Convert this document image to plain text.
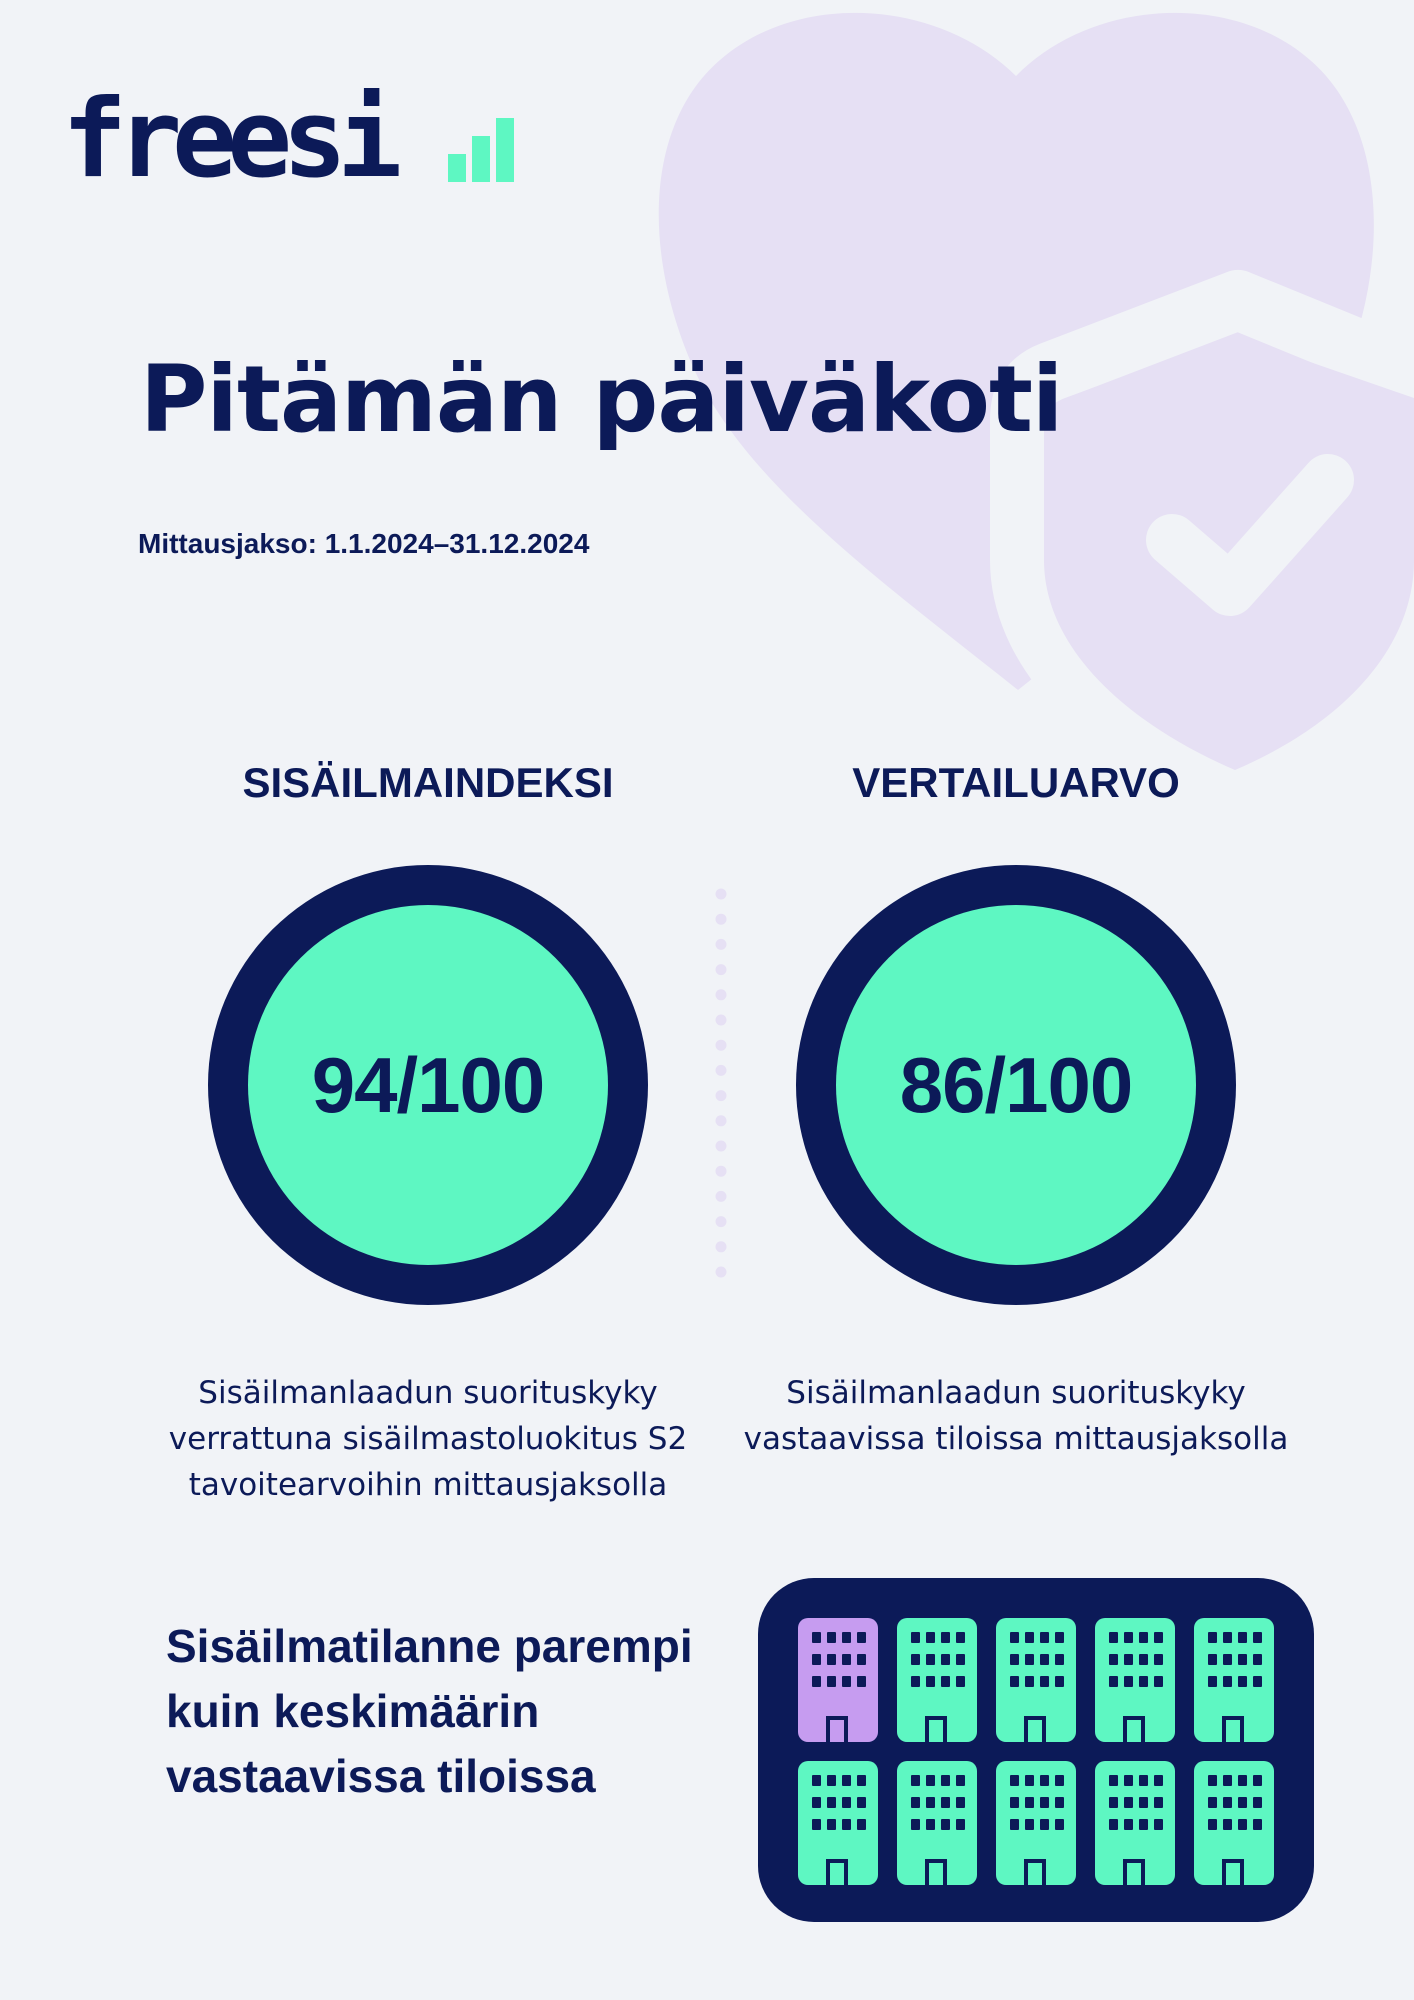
freesi
Pitämän päiväkoti
Mittausjakso: 1.1.2024–31.12.2024
SISÄILMAINDEKSI	VERTAILUARVO
94/100	86/100
Sisäilmanlaadun suorituskyky verrattuna sisäilmastoluokitus S2 tavoitearvoihin mittausjaksolla
Sisäilmanlaadun suorituskyky vastaavissa tiloissa mittausjaksolla
Sisäilmatilanne parempi kuin keskimäärin vastaavissa tiloissa
